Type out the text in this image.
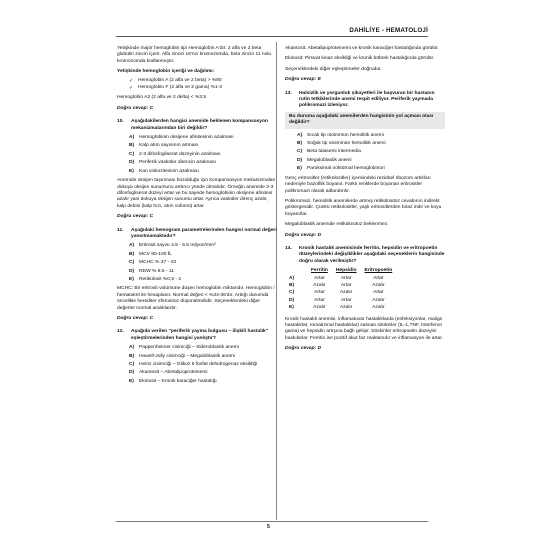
DAHİLİYE - HEMATOLOJİ

Yetişkinde majör hemoglobin tipi Hemoglobin A'dır. 2 alfa ve 2 beta globülin zinciri içerir. Alfa zinciri 16'ncı kromozomda, beta zinciri 11 nolu kromozomda kodlanmıştır.

Yetişkinde hemoglobin içeriği ve dağılımı:

✓ Hemoglobin A (2 alfa ve 2 beta) > %90
✓ Hemoglobin F (2 alfa ve 2 gama) %1-3

Hemoglobin A2 (2 alfa ve 2 delta) < %3.5

Doğru cevap: C
10.	Aşağıdakilerden hangisi anemide beklenen kompansasyon mekanizmalarından biri değildir?
A) Hemoglobinin oksijene afinitesinin azalması
B) Kalp atım sayısının artması
C) 2-3 difosfogliserat düzeyinin azalması
D) Periferik vasküler direncin azalması
E)	Kan viskozitesinin azalması

Anemide oksijen taşınması bozulduğu için kompansasyon mekanizmaları dokuya oksijen sunumunu arttırıcı yönde olmalıdır. Örneğin anemide 2-3 difosfogliserat düzeyi artar ve bu sayede hemoglobinin oksijene afinitesi azalır yani dokuya oksijen sunumu artar. Ayrıca vasküler direnç azalır, kalp debisi (kalp hızı, atım volümü) artar.

Doğru cevap: C
11.	Aşağıdaki hemogram parametrelerinden hangisi normal değeri yansıtmamaktadır?
A) Eritrosit sayısı 4.5 - 5.5 milyon/mm³
B) MCV 80-100 fL
C) MCHC % 37 - 43
D) RDW % 8.5 - 11
E)	Retikülosit %0,5 - 2

MCHC: Bir eritrosit volümüne düşen hemoglobin miktarıdır. Hemoglobin / hematokrit ile hesaplanır. Normal değeri < %34-36'dır. Arttığı durumda öncelikle herediter sferositoz düşünülmelidir. Seçeneklerdeki diğer değerler normal aralıklardır.

Doğru cevap: C
12.	Aşağıda verilen "periferik yayma bulgusu – ilişkili hastalık" eşleştirmelerinden hangisi yanlıştır?
A) Pappenheimer cisimciği – Sideroblastik anemi
B) Howell-Jolly cisimciği – Megaloblastik anemi
C) Heinz cisimciği – Glikoz 6 fosfat dehidrogenaz eksikliği
D) Akantosit – Abetalipoproteinemi
E)	Ekinosit – Kronik karaciğer hastalığı

Akantosit: Abetalipoproteinemi ve kronik karaciğer hastalığında görülür.

Ekinosit: Pirüvat kinaz eksikliği ve kronik böbrek hastalığında görülür.

Seçeneklerdeki diğer eşleştirmeler doğrudur.

Doğru cevap: E
13.	Halsizlik ve yorgunluk şikayetleri ile başvuran bir hastanın rutin tetkiklerinde anemi tespit ediliyor. Periferik yaymada polikromazi izleniyor.
Bu duruma aşağıdaki anemilerden hangisinin yol açması olası değildir?
A) Sıcak tip otoimmün hemolitik anemi
B) Soğuk tip otoimmün hemolitik anemi
C) Beta talasemi intermedia
D) Megaloblastik anemi
E)	Paroksimal noktürnal hemoglobinüri

Genç eritrositler (retikülositler) içerisindeki rezidüel ribozom artıkları nedeniyle bazofilik boyanır. Farklı renklerde boyanan eritrositler polikromazi olarak adlandırılır.

Polikromazi, hemolitik anemilerde artmış retikülositoz cevabının indirekt göstergesidir. Çünkü retikülositler, yaşlı eritrositlerden biraz iridir ve koyu boyanırlar.

Megaloblastik anemide retikülositoz beklenmez.

Doğru cevap: D
14.	Kronik hastalık anemisinde ferritin, hepsidin ve eritropoetin düzeylerindeki değişiklikler aşağıdaki seçeneklerin hangisinde doğru olarak verilmiştir?
	Ferritin	Hepsidin	Eritropoetin
A)	Artar	Artar	Artar
B)	Azalır	Artar	Azalır
C)	Artar	Azalır	Artar
D)	Artar	Artar	Azalır
E)	Azalır	Azalır	Azalır

Kronik hastalık anemisi, inflamatuvar hastalıklarda (enfeksiyonlar, malign hastalıklar, romatizmal hastalıklar) salınan sitokinler (IL-1,TNF, İnterferon gama) ve hepsidin artışına bağlı gelişir. Sitokinler eritropoetin düzeyini baskılarlar. Ferritin ise pozitif akut faz reaktanıdır ve inflamasyon ile artar.

Doğru cevap: D
5
